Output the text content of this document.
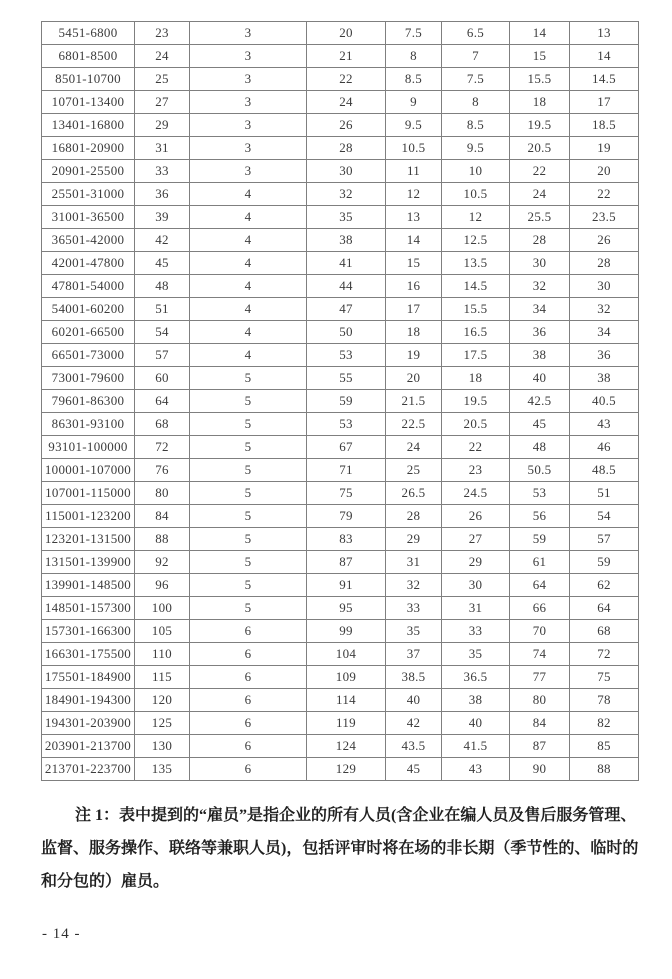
5451-6800	23	3	20	7.5	6.5	14	13
6801-8500	24	3	21	8	7	15	14
8501-10700	25	3	22	8.5	7.5	15.5	14.5
10701-13400	27	3	24	9	8	18	17
13401-16800	29	3	26	9.5	8.5	19.5	18.5
16801-20900	31	3	28	10.5	9.5	20.5	19
20901-25500	33	3	30	11	10	22	20
25501-31000	36	4	32	12	10.5	24	22
31001-36500	39	4	35	13	12	25.5	23.5
36501-42000	42	4	38	14	12.5	28	26
42001-47800	45	4	41	15	13.5	30	28
47801-54000	48	4	44	16	14.5	32	30
54001-60200	51	4	47	17	15.5	34	32
60201-66500	54	4	50	18	16.5	36	34
66501-73000	57	4	53	19	17.5	38	36
73001-79600	60	5	55	20	18	40	38
79601-86300	64	5	59	21.5	19.5	42.5	40.5
86301-93100	68	5	53	22.5	20.5	45	43
93101-100000	72	5	67	24	22	48	46
100001-107000	76	5	71	25	23	50.5	48.5
107001-115000	80	5	75	26.5	24.5	53	51
115001-123200	84	5	79	28	26	56	54
123201-131500	88	5	83	29	27	59	57
131501-139900	92	5	87	31	29	61	59
139901-148500	96	5	91	32	30	64	62
148501-157300	100	5	95	33	31	66	64
157301-166300	105	6	99	35	33	70	68
166301-175500	110	6	104	37	35	74	72
175501-184900	115	6	109	38.5	36.5	77	75
184901-194300	120	6	114	40	38	80	78
194301-203900	125	6	119	42	40	84	82
203901-213700	130	6	124	43.5	41.5	87	85
213701-223700	135	6	129	45	43	90	88
注 1：表中提到的“雇员”是指企业的所有人员(含企业在编人员及售后服务管理、
监督、服务操作、联络等兼职人员)，包括评审时将在场的非长期（季节性的、临时的
和分包的）雇员。
- 14 -
